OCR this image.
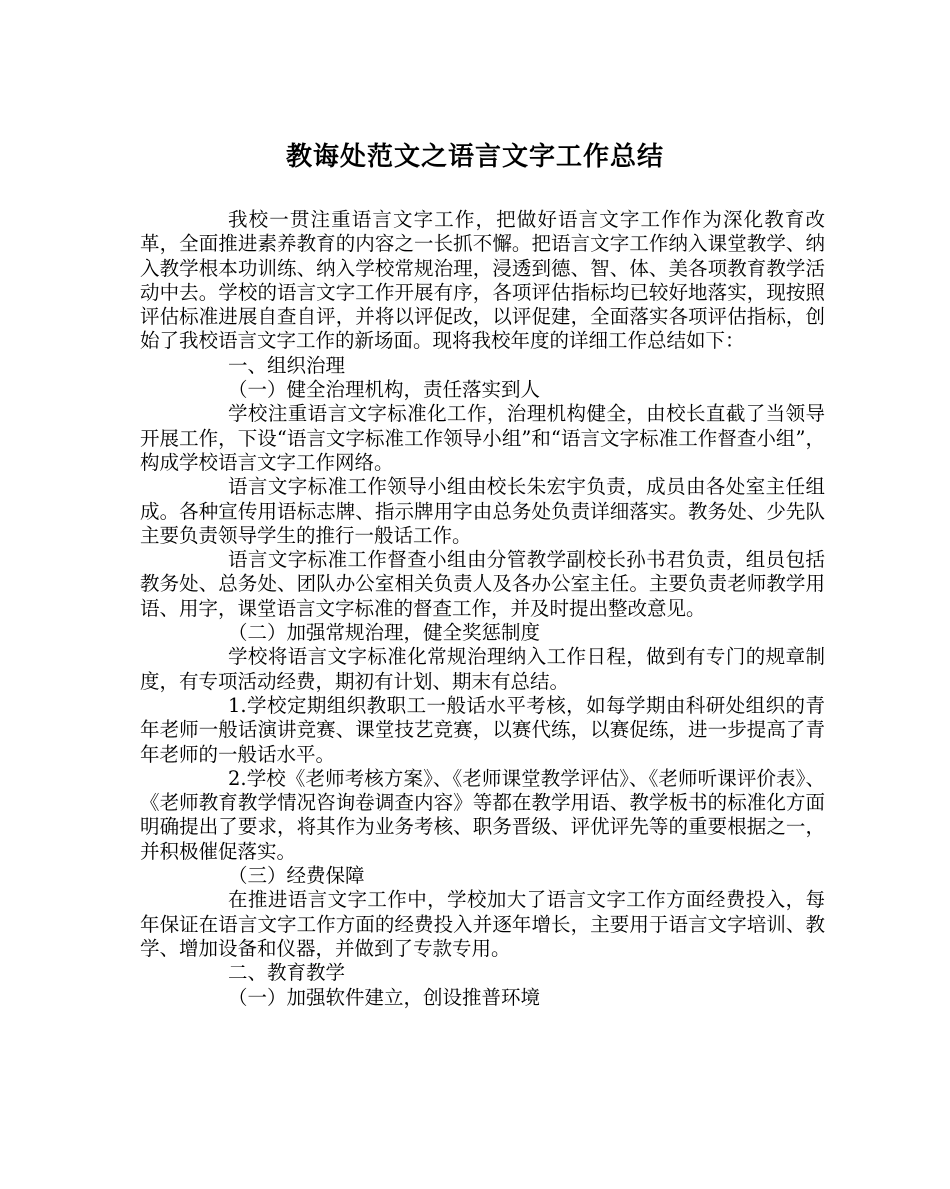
教诲处范文之语言文字工作总结

我校一贯注重语言文字工作，把做好语言文字工作作为深化教育改革，全面推进素养教育的内容之一长抓不懈。把语言文字工作纳入课堂教学、纳入教学根本功训练、纳入学校常规治理，浸透到德、智、体、美各项教育教学活动中去。学校的语言文字工作开展有序，各项评估指标均已较好地落实，现按照评估标准进展自查自评，并将以评促改，以评促建，全面落实各项评估指标，创始了我校语言文字工作的新场面。现将我校年度的详细工作总结如下：

一、组织治理

（一）健全治理机构，责任落实到人

学校注重语言文字标准化工作，治理机构健全，由校长直截了当领导开展工作，下设“语言文字标准工作领导小组”和“语言文字标准工作督查小组”，构成学校语言文字工作网络。

语言文字标准工作领导小组由校长朱宏宇负责，成员由各处室主任组成。各种宣传用语标志牌、指示牌用字由总务处负责详细落实。教务处、少先队主要负责领导学生的推行一般话工作。

语言文字标准工作督查小组由分管教学副校长孙书君负责，组员包括教务处、总务处、团队办公室相关负责人及各办公室主任。主要负责老师教学用语、用字，课堂语言文字标准的督查工作，并及时提出整改意见。

（二）加强常规治理，健全奖惩制度

学校将语言文字标准化常规治理纳入工作日程，做到有专门的规章制度，有专项活动经费，期初有计划、期末有总结。

1.学校定期组织教职工一般话水平考核，如每学期由科研处组织的青年老师一般话演讲竞赛、课堂技艺竞赛，以赛代练，以赛促练，进一步提高了青年老师的一般话水平。

2.学校《老师考核方案》、《老师课堂教学评估》、《老师听课评价表》、《老师教育教学情况咨询卷调查内容》等都在教学用语、教学板书的标准化方面明确提出了要求，将其作为业务考核、职务晋级、评优评先等的重要根据之一，并积极催促落实。

（三）经费保障

在推进语言文字工作中，学校加大了语言文字工作方面经费投入，每年保证在语言文字工作方面的经费投入并逐年增长，主要用于语言文字培训、教学、增加设备和仪器，并做到了专款专用。

二、教育教学

（一）加强软件建立，创设推普环境
